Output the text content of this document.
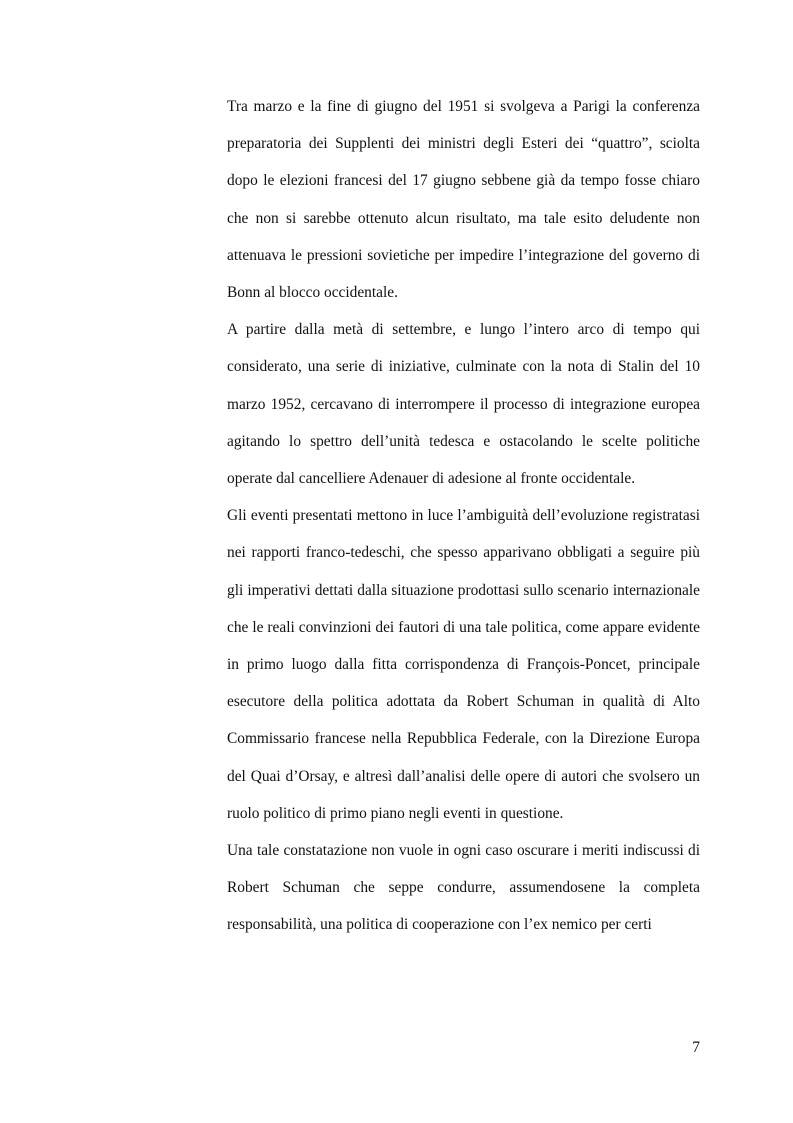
Tra marzo e la fine di giugno del 1951 si svolgeva a Parigi la conferenza preparatoria dei Supplenti dei ministri degli Esteri dei “quattro”, sciolta dopo le elezioni francesi del 17 giugno sebbene già da tempo fosse chiaro che non si sarebbe ottenuto alcun risultato, ma tale esito deludente non attenuava le pressioni sovietiche per impedire l’integrazione del governo di Bonn al blocco occidentale.

A partire dalla metà di settembre, e lungo l’intero arco di tempo qui considerato, una serie di iniziative, culminate con la nota di Stalin del 10 marzo 1952, cercavano di interrompere il processo di integrazione europea agitando lo spettro dell’unità tedesca e ostacolando le scelte politiche operate dal cancelliere Adenauer di adesione al fronte occidentale.

Gli eventi presentati mettono in luce l’ambiguità dell’evoluzione registratasi nei rapporti franco-tedeschi, che spesso apparivano obbligati a seguire più gli imperativi dettati dalla situazione prodottasi sullo scenario internazionale che le reali convinzioni dei fautori di una tale politica, come appare evidente in primo luogo dalla fitta corrispondenza di François-Poncet, principale esecutore della politica adottata da Robert Schuman in qualità di Alto Commissario francese nella Repubblica Federale, con la Direzione Europa del Quai d’Orsay, e altresì dall’analisi delle opere di autori che svolsero un ruolo politico di primo piano negli eventi in questione.

Una tale constatazione non vuole in ogni caso oscurare i meriti indiscussi di Robert Schuman che seppe condurre, assumendosene la completa responsabilità, una politica di cooperazione con l’ex nemico per certi

7
